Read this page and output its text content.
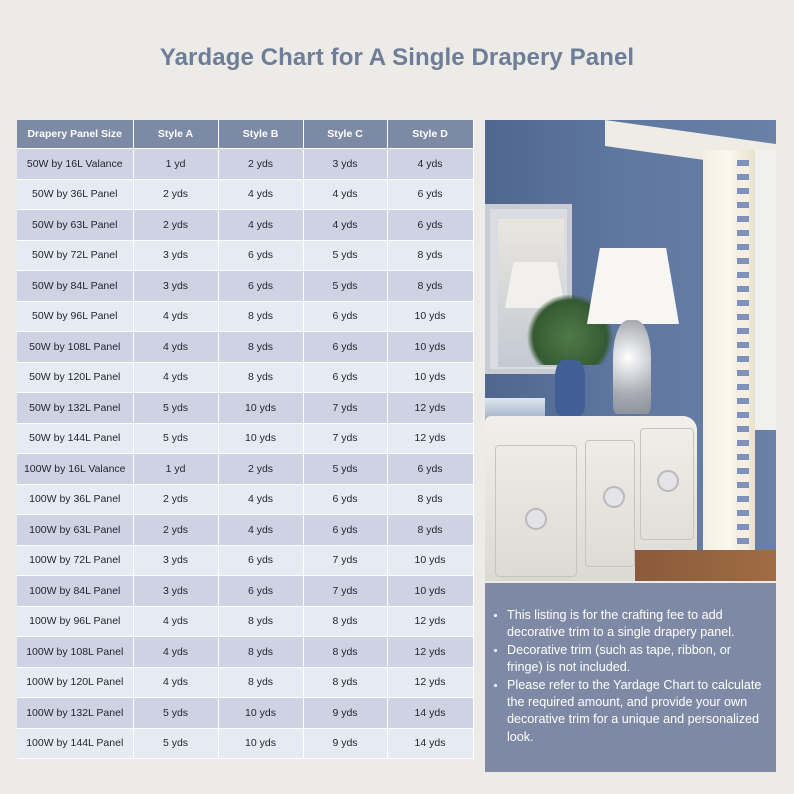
Yardage Chart for A Single Drapery Panel
Drapery Panel Size	Style A	Style B	Style C	Style D
50W by 16L Valance	1 yd	2 yds	3 yds	4 yds
50W by 36L Panel	2 yds	4 yds	4 yds	6 yds
50W by 63L Panel	2 yds	4 yds	4 yds	6 yds
50W by 72L Panel	3 yds	6 yds	5 yds	8 yds
50W by 84L Panel	3 yds	6 yds	5 yds	8 yds
50W by 96L Panel	4 yds	8 yds	6 yds	10 yds
50W by 108L Panel	4 yds	8 yds	6 yds	10 yds
50W by 120L Panel	4 yds	8 yds	6 yds	10 yds
50W by 132L Panel	5 yds	10 yds	7 yds	12 yds
50W by 144L Panel	5 yds	10 yds	7 yds	12 yds
100W by 16L Valance	1 yd	2 yds	5 yds	6 yds
100W by 36L Panel	2 yds	4 yds	6 yds	8 yds
100W by 63L Panel	2 yds	4 yds	6 yds	8 yds
100W by 72L Panel	3 yds	6 yds	7 yds	10 yds
100W by 84L Panel	3 yds	6 yds	7 yds	10 yds
100W by 96L Panel	4 yds	8 yds	8 yds	12 yds
100W by 108L Panel	4 yds	8 yds	8 yds	12 yds
100W by 120L Panel	4 yds	8 yds	8 yds	12 yds
100W by 132L Panel	5 yds	10 yds	9 yds	14 yds
100W by 144L Panel	5 yds	10 yds	9 yds	14 yds
• This listing is for the crafting fee to add decorative trim to a single drapery panel.
• Decorative trim (such as tape, ribbon, or fringe) is not included.
• Please refer to the Yardage Chart to calculate the required amount, and provide your own decorative trim for a unique and personalized look.
